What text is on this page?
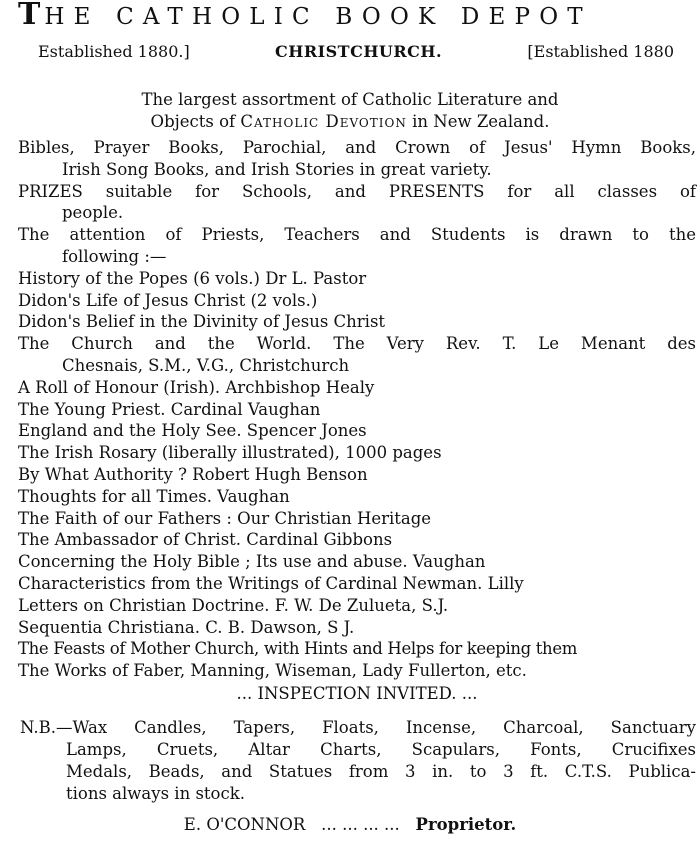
THE CATHOLIC BOOK DEPOT
Established 1880.]	CHRISTCHURCH.	[Established 1880
The largest assortment of Catholic Literature and
Objects of Catholic Devotion in New Zealand.
Bibles, Prayer Books, Parochial, and Crown of Jesus' Hymn Books,
Irish Song Books, and Irish Stories in great variety.
PRIZES suitable for Schools, and PRESENTS for all classes of
people.
The attention of Priests, Teachers and Students is drawn to the
following :—
History of the Popes (6 vols.) Dr L. Pastor
Didon's Life of Jesus Christ (2 vols.)
Didon's Belief in the Divinity of Jesus Christ
The Church and the World. The Very Rev. T. Le Menant des
Chesnais, S.M., V.G., Christchurch
A Roll of Honour (Irish). Archbishop Healy
The Young Priest. Cardinal Vaughan
England and the Holy See. Spencer Jones
The Irish Rosary (liberally illustrated), 1000 pages
By What Authority ? Robert Hugh Benson
Thoughts for all Times. Vaughan
The Faith of our Fathers : Our Christian Heritage
The Ambassador of Christ. Cardinal Gibbons
Concerning the Holy Bible ; Its use and abuse. Vaughan
Characteristics from the Writings of Cardinal Newman. Lilly
Letters on Christian Doctrine. F. W. De Zulueta, S.J.
Sequentia Christiana. C. B. Dawson, S J.
The Feasts of Mother Church, with Hints and Helps for keeping them
The Works of Faber, Manning, Wiseman, Lady Fullerton, etc.
... INSPECTION INVITED. ...
N.B.—Wax Candles, Tapers, Floats, Incense, Charcoal, Sanctuary
Lamps, Cruets, Altar Charts, Scapulars, Fonts, Crucifixes
Medals, Beads, and Statues from 3 in. to 3 ft. C.T.S. Publica-
tions always in stock.
E. O'CONNOR ... ... ... ... Proprietor.
